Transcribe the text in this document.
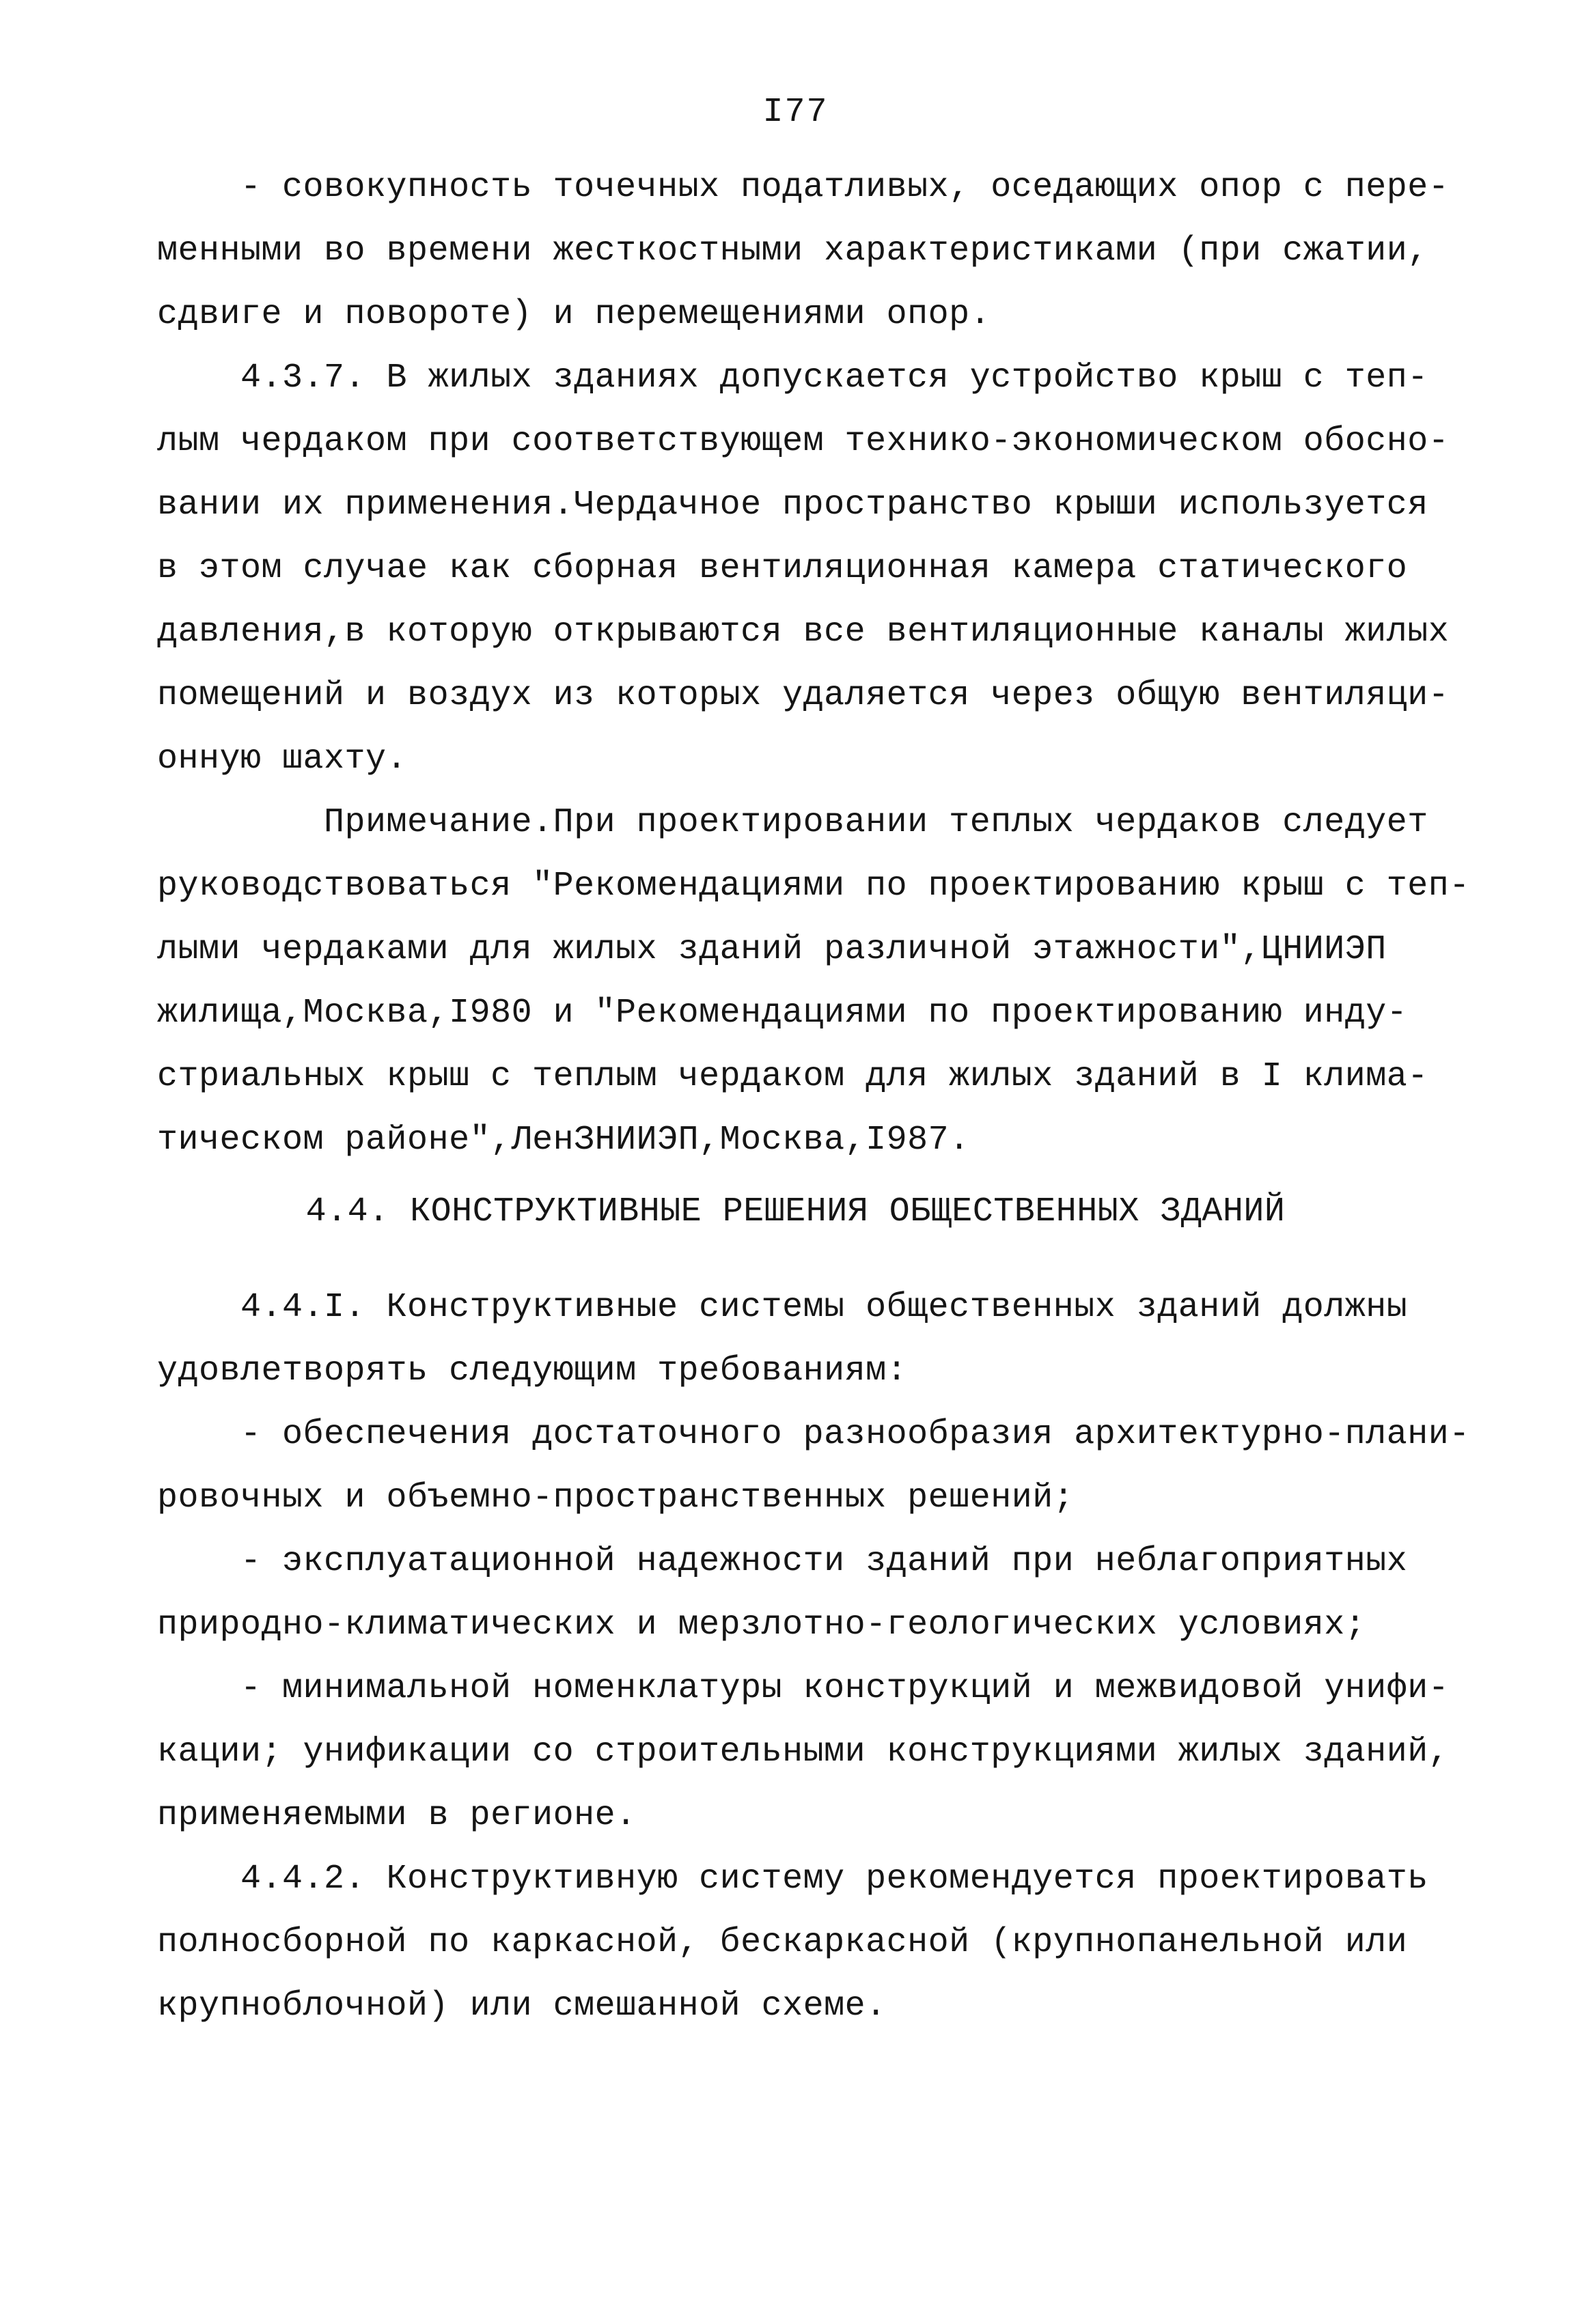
I77
- совокупность точечных податливых, оседающих опор с пере-
менными во времени жесткостными характеристиками (при сжатии,
сдвиге и повороте) и перемещениями опор.
4.3.7. В жилых зданиях допускается устройство крыш с теп-
лым чердаком при соответствующем технико-экономическом обосно-
вании их применения.Чердачное пространство крыши используется
в этом случае как сборная вентиляционная камера статического
давления,в которую открываются все вентиляционные каналы жилых
помещений и воздух из которых удаляется через общую вентиляци-
онную шахту.
Примечание.При проектировании теплых чердаков следует
руководствоваться "Рекомендациями по проектированию крыш с теп-
лыми чердаками для жилых зданий различной этажности",ЦНИИЭП
жилища,Москва,I980 и "Рекомендациями по проектированию инду-
стриальных крыш с теплым чердаком для жилых зданий в I клима-
тическом районе",ЛенЗНИИЭП,Москва,I987.
4.4. КОНСТРУКТИВНЫЕ РЕШЕНИЯ ОБЩЕСТВЕННЫХ ЗДАНИЙ
4.4.I. Конструктивные системы общественных зданий должны
удовлетворять следующим требованиям:
- обеспечения достаточного разнообразия архитектурно-плани-
ровочных и объемно-пространственных решений;
- эксплуатационной надежности зданий при неблагоприятных
природно-климатических и мерзлотно-геологических условиях;
- минимальной номенклатуры конструкций и межвидовой унифи-
кации; унификации со строительными конструкциями жилых зданий,
применяемыми в регионе.
4.4.2. Конструктивную систему рекомендуется проектировать
полносборной по каркасной, бескаркасной (крупнопанельной или
крупноблочной) или смешанной схеме.
